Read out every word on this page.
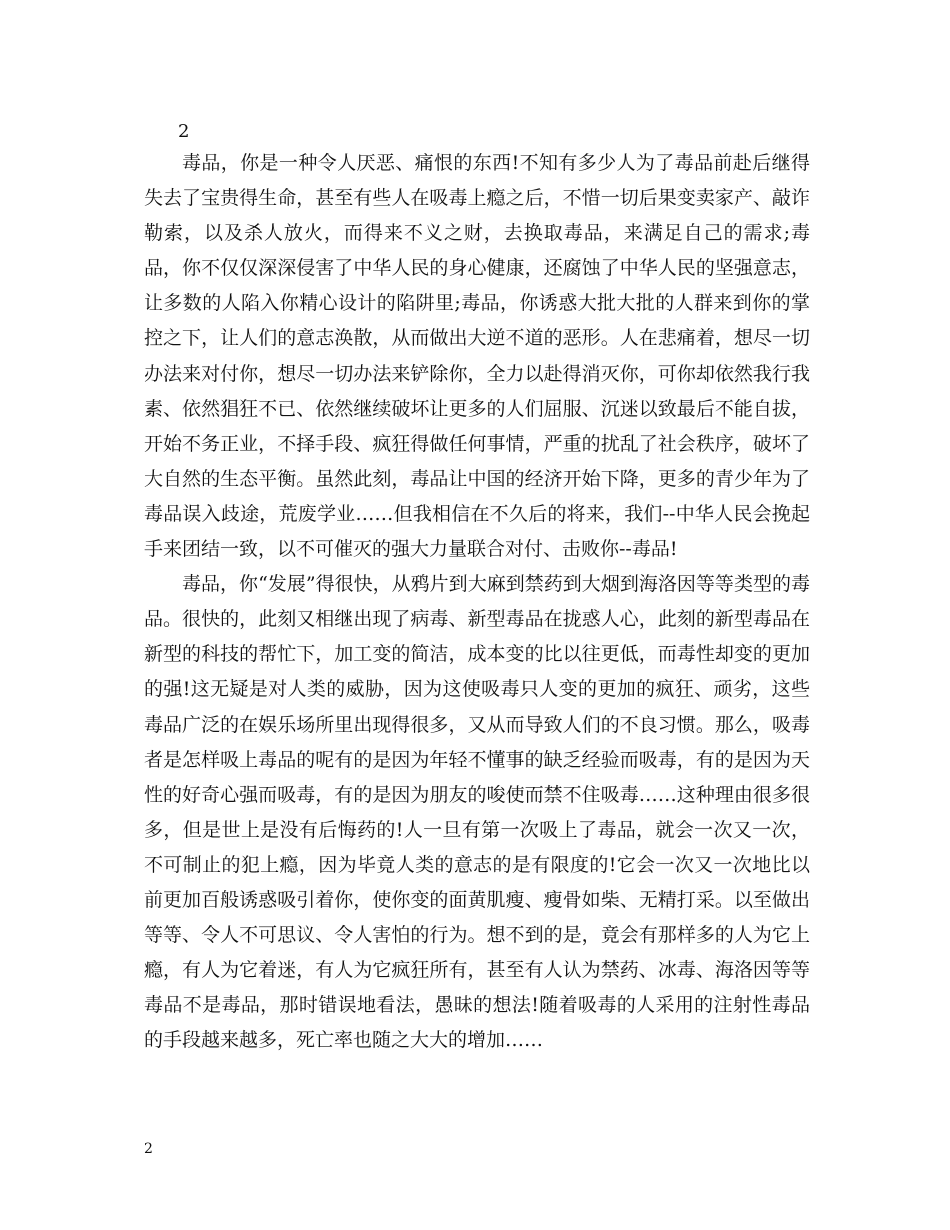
2

毒品，你是一种令人厌恶、痛恨的东西!不知有多少人为了毒品前赴后继得失去了宝贵得生命，甚至有些人在吸毒上瘾之后，不惜一切后果变卖家产、敲诈勒索，以及杀人放火，而得来不义之财，去换取毒品，来满足自己的需求;毒品，你不仅仅深深侵害了中华人民的身心健康，还腐蚀了中华人民的坚强意志，让多数的人陷入你精心设计的陷阱里;毒品，你诱惑大批大批的人群来到你的掌控之下，让人们的意志涣散，从而做出大逆不道的恶形。人在悲痛着，想尽一切办法来对付你，想尽一切办法来铲除你，全力以赴得消灭你，可你却依然我行我素、依然猖狂不已、依然继续破坏让更多的人们屈服、沉迷以致最后不能自拔，开始不务正业，不择手段、疯狂得做任何事情，严重的扰乱了社会秩序，破坏了大自然的生态平衡。虽然此刻，毒品让中国的经济开始下降，更多的青少年为了毒品误入歧途，荒废学业……但我相信在不久后的将来，我们--中华人民会挽起手来团结一致，以不可催灭的强大力量联合对付、击败你--毒品!

毒品，你“发展”得很快，从鸦片到大麻到禁药到大烟到海洛因等等类型的毒品。很快的，此刻又相继出现了病毒、新型毒品在拢惑人心，此刻的新型毒品在新型的科技的帮忙下，加工变的简洁，成本变的比以往更低，而毒性却变的更加的强!这无疑是对人类的威胁，因为这使吸毒只人变的更加的疯狂、顽劣，这些毒品广泛的在娱乐场所里出现得很多，又从而导致人们的不良习惯。那么，吸毒者是怎样吸上毒品的呢有的是因为年轻不懂事的缺乏经验而吸毒，有的是因为天性的好奇心强而吸毒，有的是因为朋友的唆使而禁不住吸毒……这种理由很多很多，但是世上是没有后悔药的!人一旦有第一次吸上了毒品，就会一次又一次，不可制止的犯上瘾，因为毕竟人类的意志的是有限度的!它会一次又一次地比以前更加百般诱惑吸引着你，使你变的面黄肌瘦、瘦骨如柴、无精打采。以至做出等等、令人不可思议、令人害怕的行为。想不到的是，竟会有那样多的人为它上瘾，有人为它着迷，有人为它疯狂所有，甚至有人认为禁药、冰毒、海洛因等等毒品不是毒品，那时错误地看法，愚昧的想法!随着吸毒的人采用的注射性毒品的手段越来越多，死亡率也随之大大的增加……

2
